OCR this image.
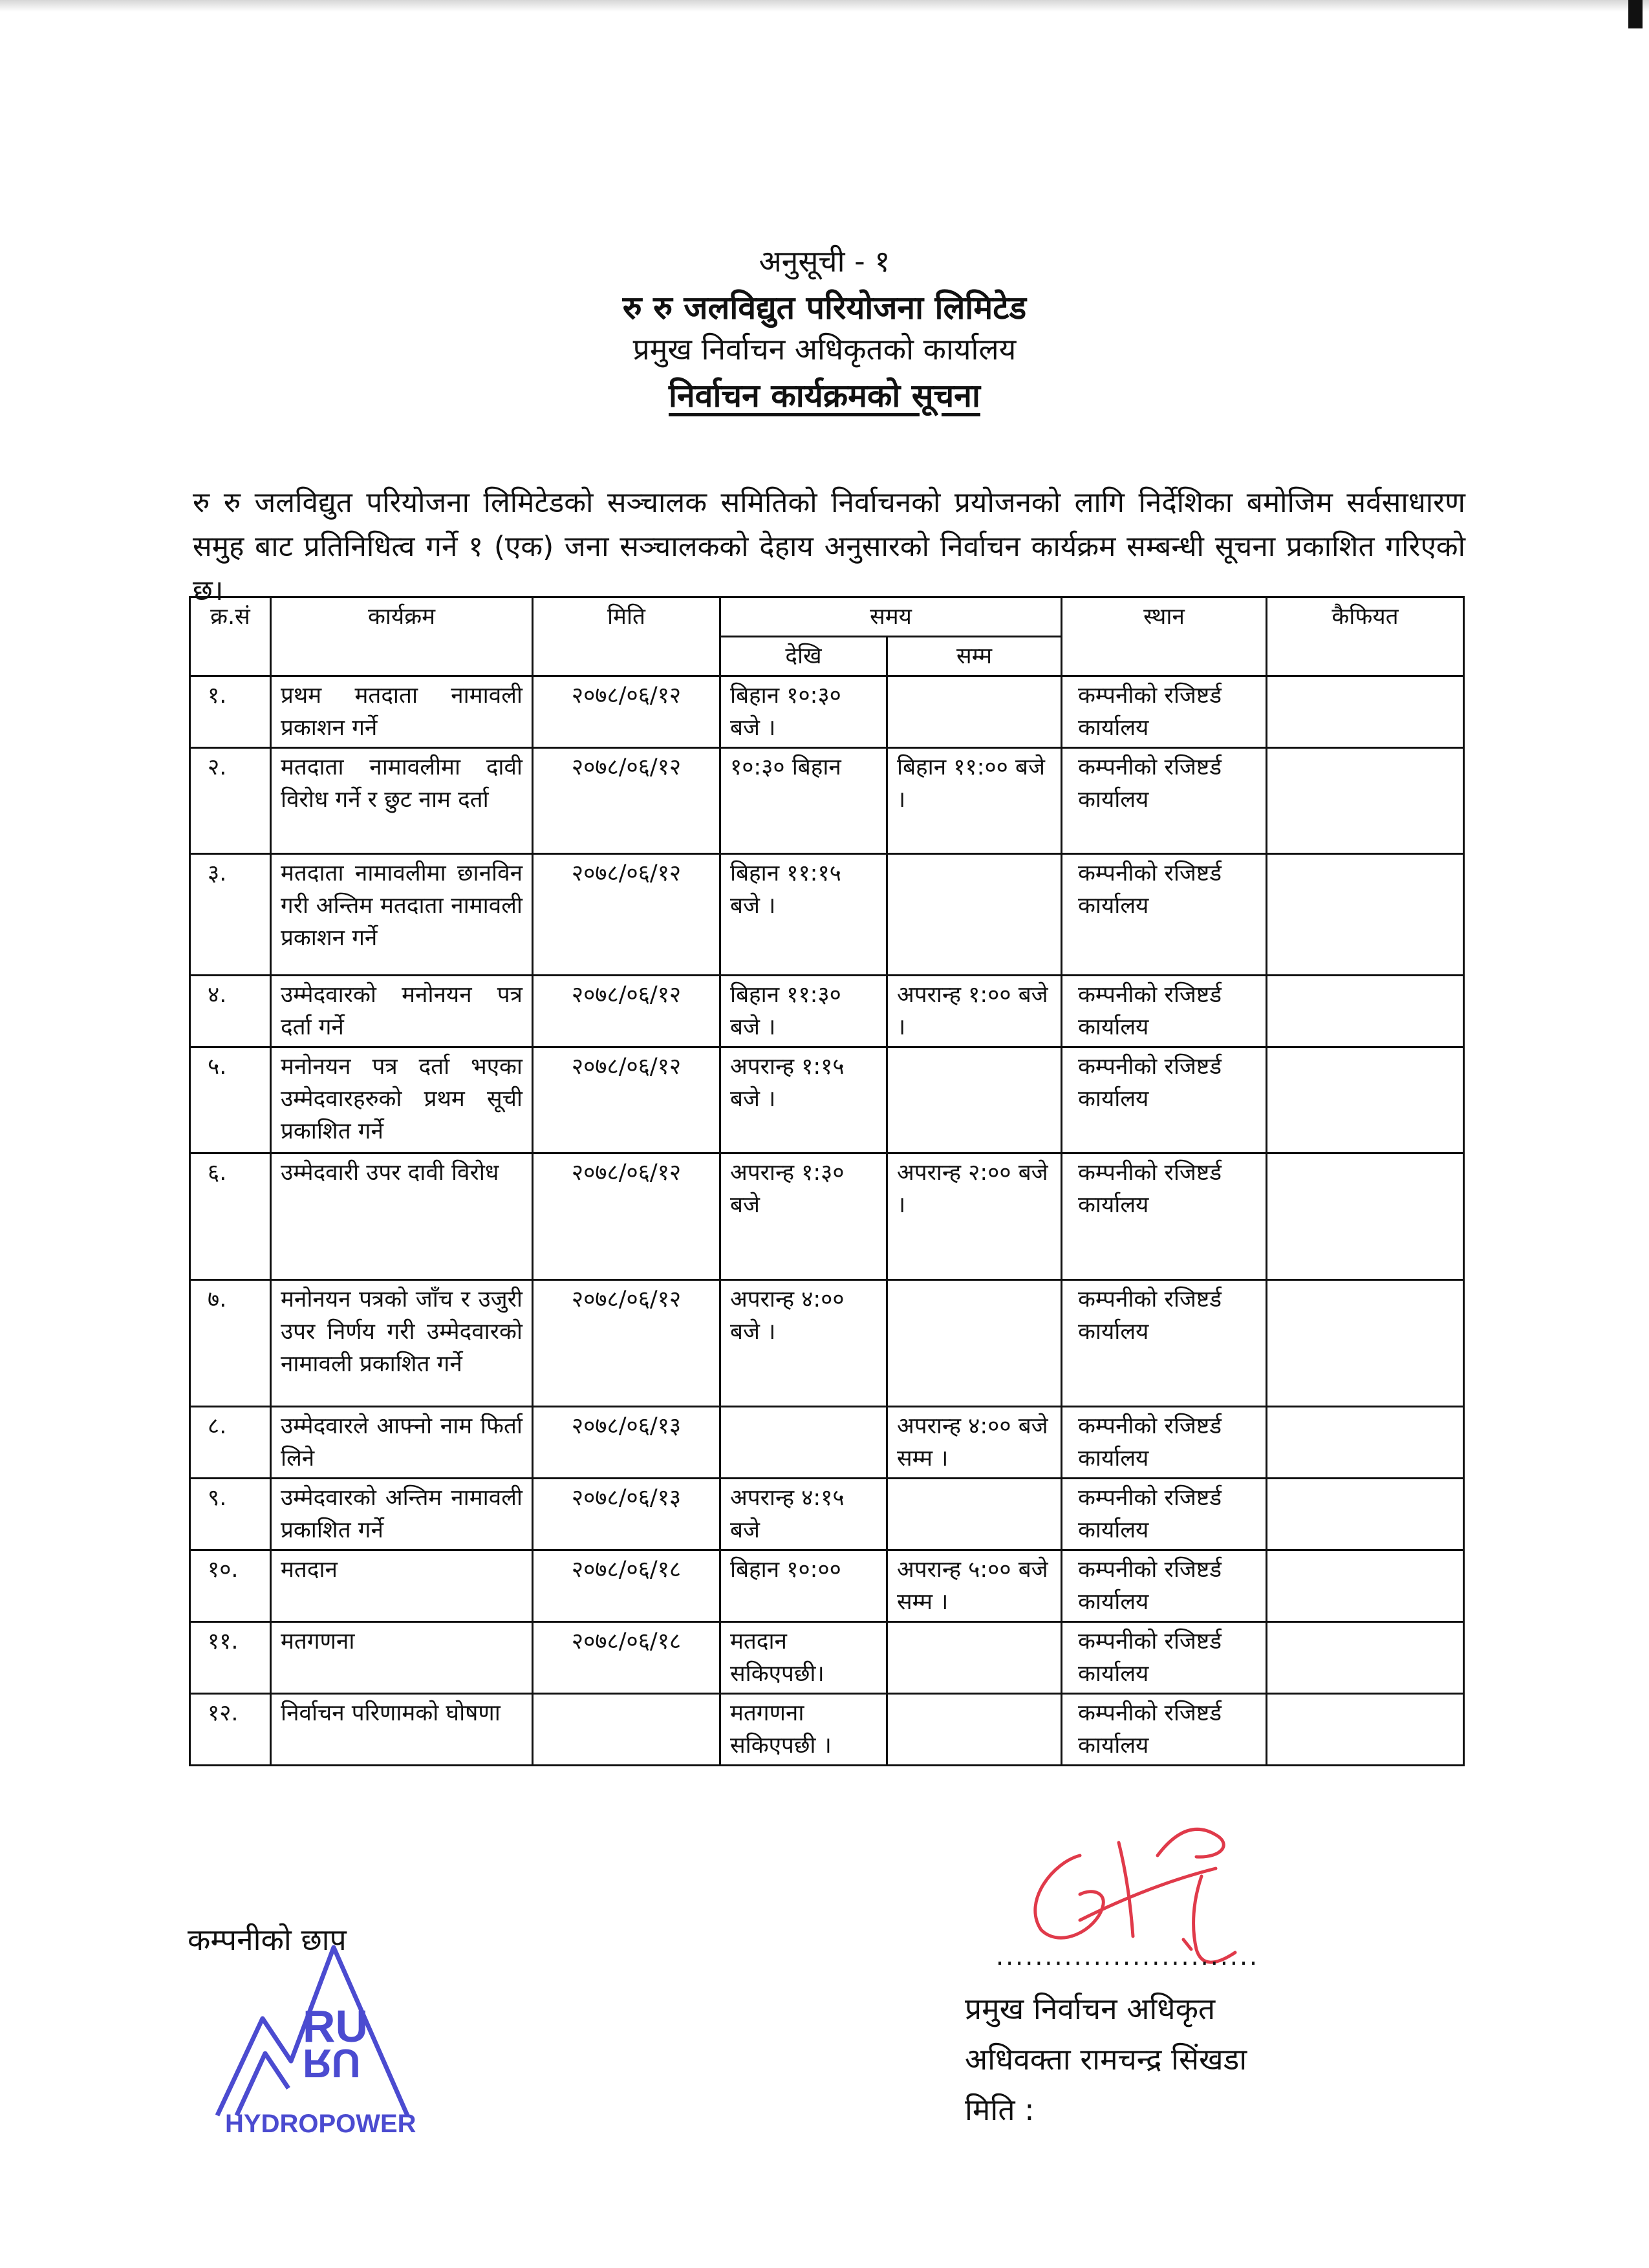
अनुसूची - १
रु रु जलविद्युत परियोजना लिमिटेड
प्रमुख निर्वाचन अधिकृतको कार्यालय
निर्वाचन कार्यक्रमको सूचना

रु रु जलविद्युत परियोजना लिमिटेडको सञ्चालक समितिको निर्वाचनको प्रयोजनको लागि निर्देशिका बमोजिम सर्वसाधारण समुह बाट प्रतिनिधित्व गर्ने १ (एक) जना सञ्चालकको देहाय अनुसारको निर्वाचन कार्यक्रम सम्बन्धी सूचना प्रकाशित गरिएको छ।

क्र.सं	कार्यक्रम	मिति	समय		स्थान	कैफियत
			देखि	सम्म		
१.	प्रथम मतदाता नामावली प्रकाशन गर्ने	२०७८/०६/१२	बिहान १०:३० बजे ।		कम्पनीको रजिष्टर्ड कार्यालय	
२.	मतदाता नामावलीमा दावी विरोध गर्ने र छुट नाम दर्ता	२०७८/०६/१२	१०:३० बिहान	बिहान ११:०० बजे ।	कम्पनीको रजिष्टर्ड कार्यालय	
३.	मतदाता नामावलीमा छानविन गरी अन्तिम मतदाता नामावली प्रकाशन गर्ने	२०७८/०६/१२	बिहान ११:१५ बजे ।		कम्पनीको रजिष्टर्ड कार्यालय	
४.	उम्मेदवारको मनोनयन पत्र दर्ता गर्ने	२०७८/०६/१२	बिहान ११:३० बजे ।	अपरान्ह १:०० बजे ।	कम्पनीको रजिष्टर्ड कार्यालय	
५.	मनोनयन पत्र दर्ता भएका उम्मेदवारहरुको प्रथम सूची प्रकाशित गर्ने	२०७८/०६/१२	अपरान्ह १:१५ बजे ।		कम्पनीको रजिष्टर्ड कार्यालय	
६.	उम्मेदवारी उपर दावी विरोध	२०७८/०६/१२	अपरान्ह १:३० बजे	अपरान्ह २:०० बजे ।	कम्पनीको रजिष्टर्ड कार्यालय	
७.	मनोनयन पत्रको जाँच र उजुरी उपर निर्णय गरी उम्मेदवारको नामावली प्रकाशित गर्ने	२०७८/०६/१२	अपरान्ह ४:०० बजे ।		कम्पनीको रजिष्टर्ड कार्यालय	
८.	उम्मेदवारले आफ्नो नाम फिर्ता लिने	२०७८/०६/१३		अपरान्ह ४:०० बजे सम्म ।	कम्पनीको रजिष्टर्ड कार्यालय	
९.	उम्मेदवारको अन्तिम नामावली प्रकाशित गर्ने	२०७८/०६/१३	अपरान्ह ४:१५ बजे		कम्पनीको रजिष्टर्ड कार्यालय	
१०.	मतदान	२०७८/०६/१८	बिहान १०:००	अपरान्ह ५:०० बजे सम्म ।	कम्पनीको रजिष्टर्ड कार्यालय	
११.	मतगणना	२०७८/०६/१८	मतदान सकिएपछी।		कम्पनीको रजिष्टर्ड कार्यालय	
१२.	निर्वाचन परिणामको घोषणा		मतगणना सकिएपछी ।		कम्पनीको रजिष्टर्ड कार्यालय	
कम्पनीको छाप
RU
RU
HYDROPOWER
...........................
प्रमुख निर्वाचन अधिकृत
अधिवक्ता रामचन्द्र सिंखडा
मिति :
